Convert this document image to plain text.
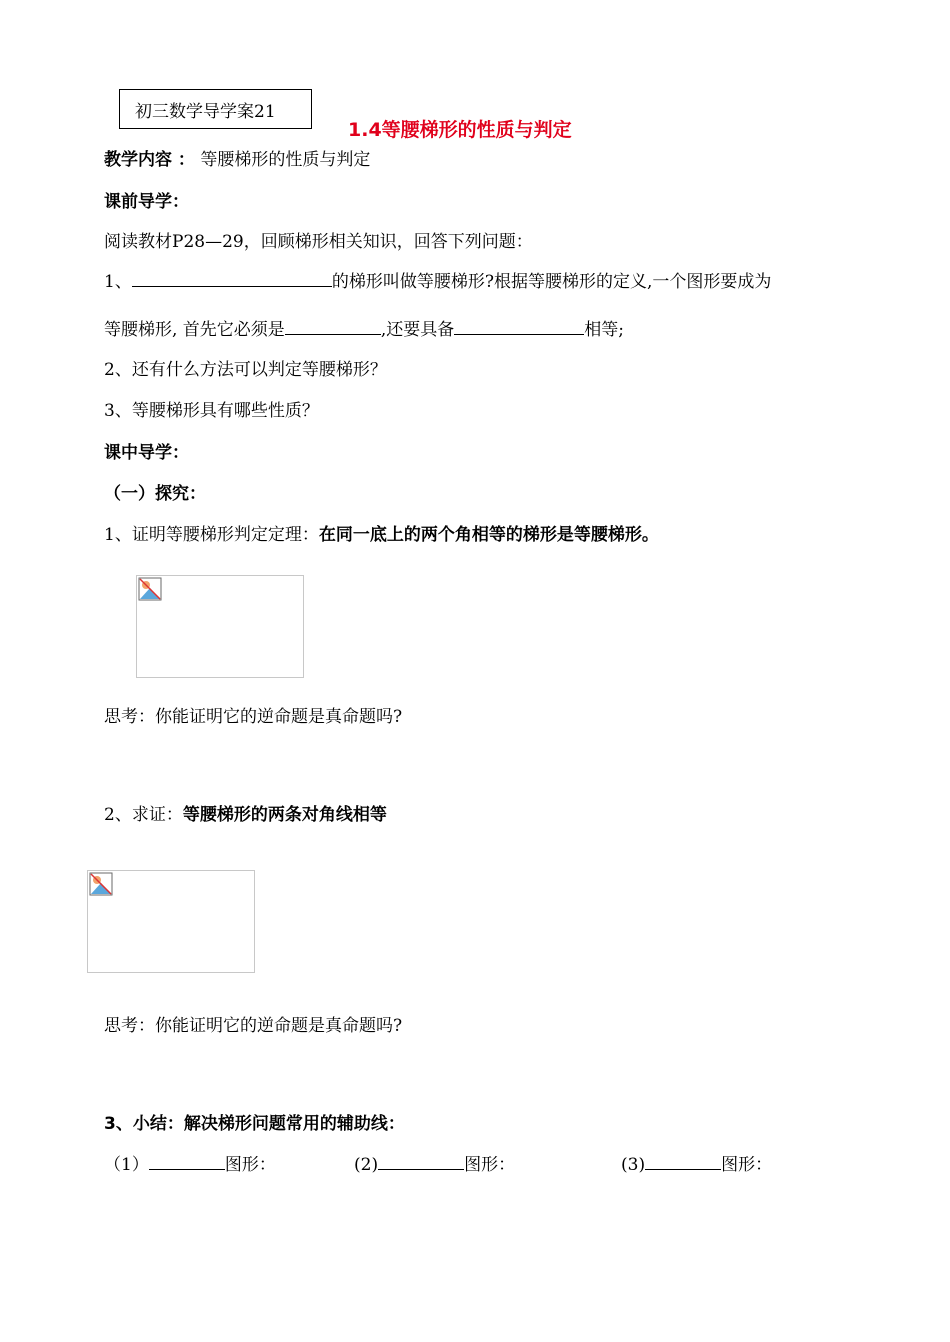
初三数学导学案21
1.4等腰梯形的性质与判定
教学内容 ： 等腰梯形的性质与判定
课前导学：
阅读教材P28—29，回顾梯形相关知识，回答下列问题：
1、	的梯形叫做等腰梯形?根据等腰梯形的定义,一个图形要成为
等腰梯形, 首先它必须是	,还要具备	相等;
2、还有什么方法可以判定等腰梯形？
3、等腰梯形具有哪些性质？
课中导学：
（一）探究：
1、证明等腰梯形判定定理：在同一底上的两个角相等的梯形是等腰梯形。
思考：你能证明它的逆命题是真命题吗?
2、求证：等腰梯形的两条对角线相等
思考：你能证明它的逆命题是真命题吗?
3、小结：解决梯形问题常用的辅助线：
（1）	图形：	(2)	图形：	(3)	图形：
